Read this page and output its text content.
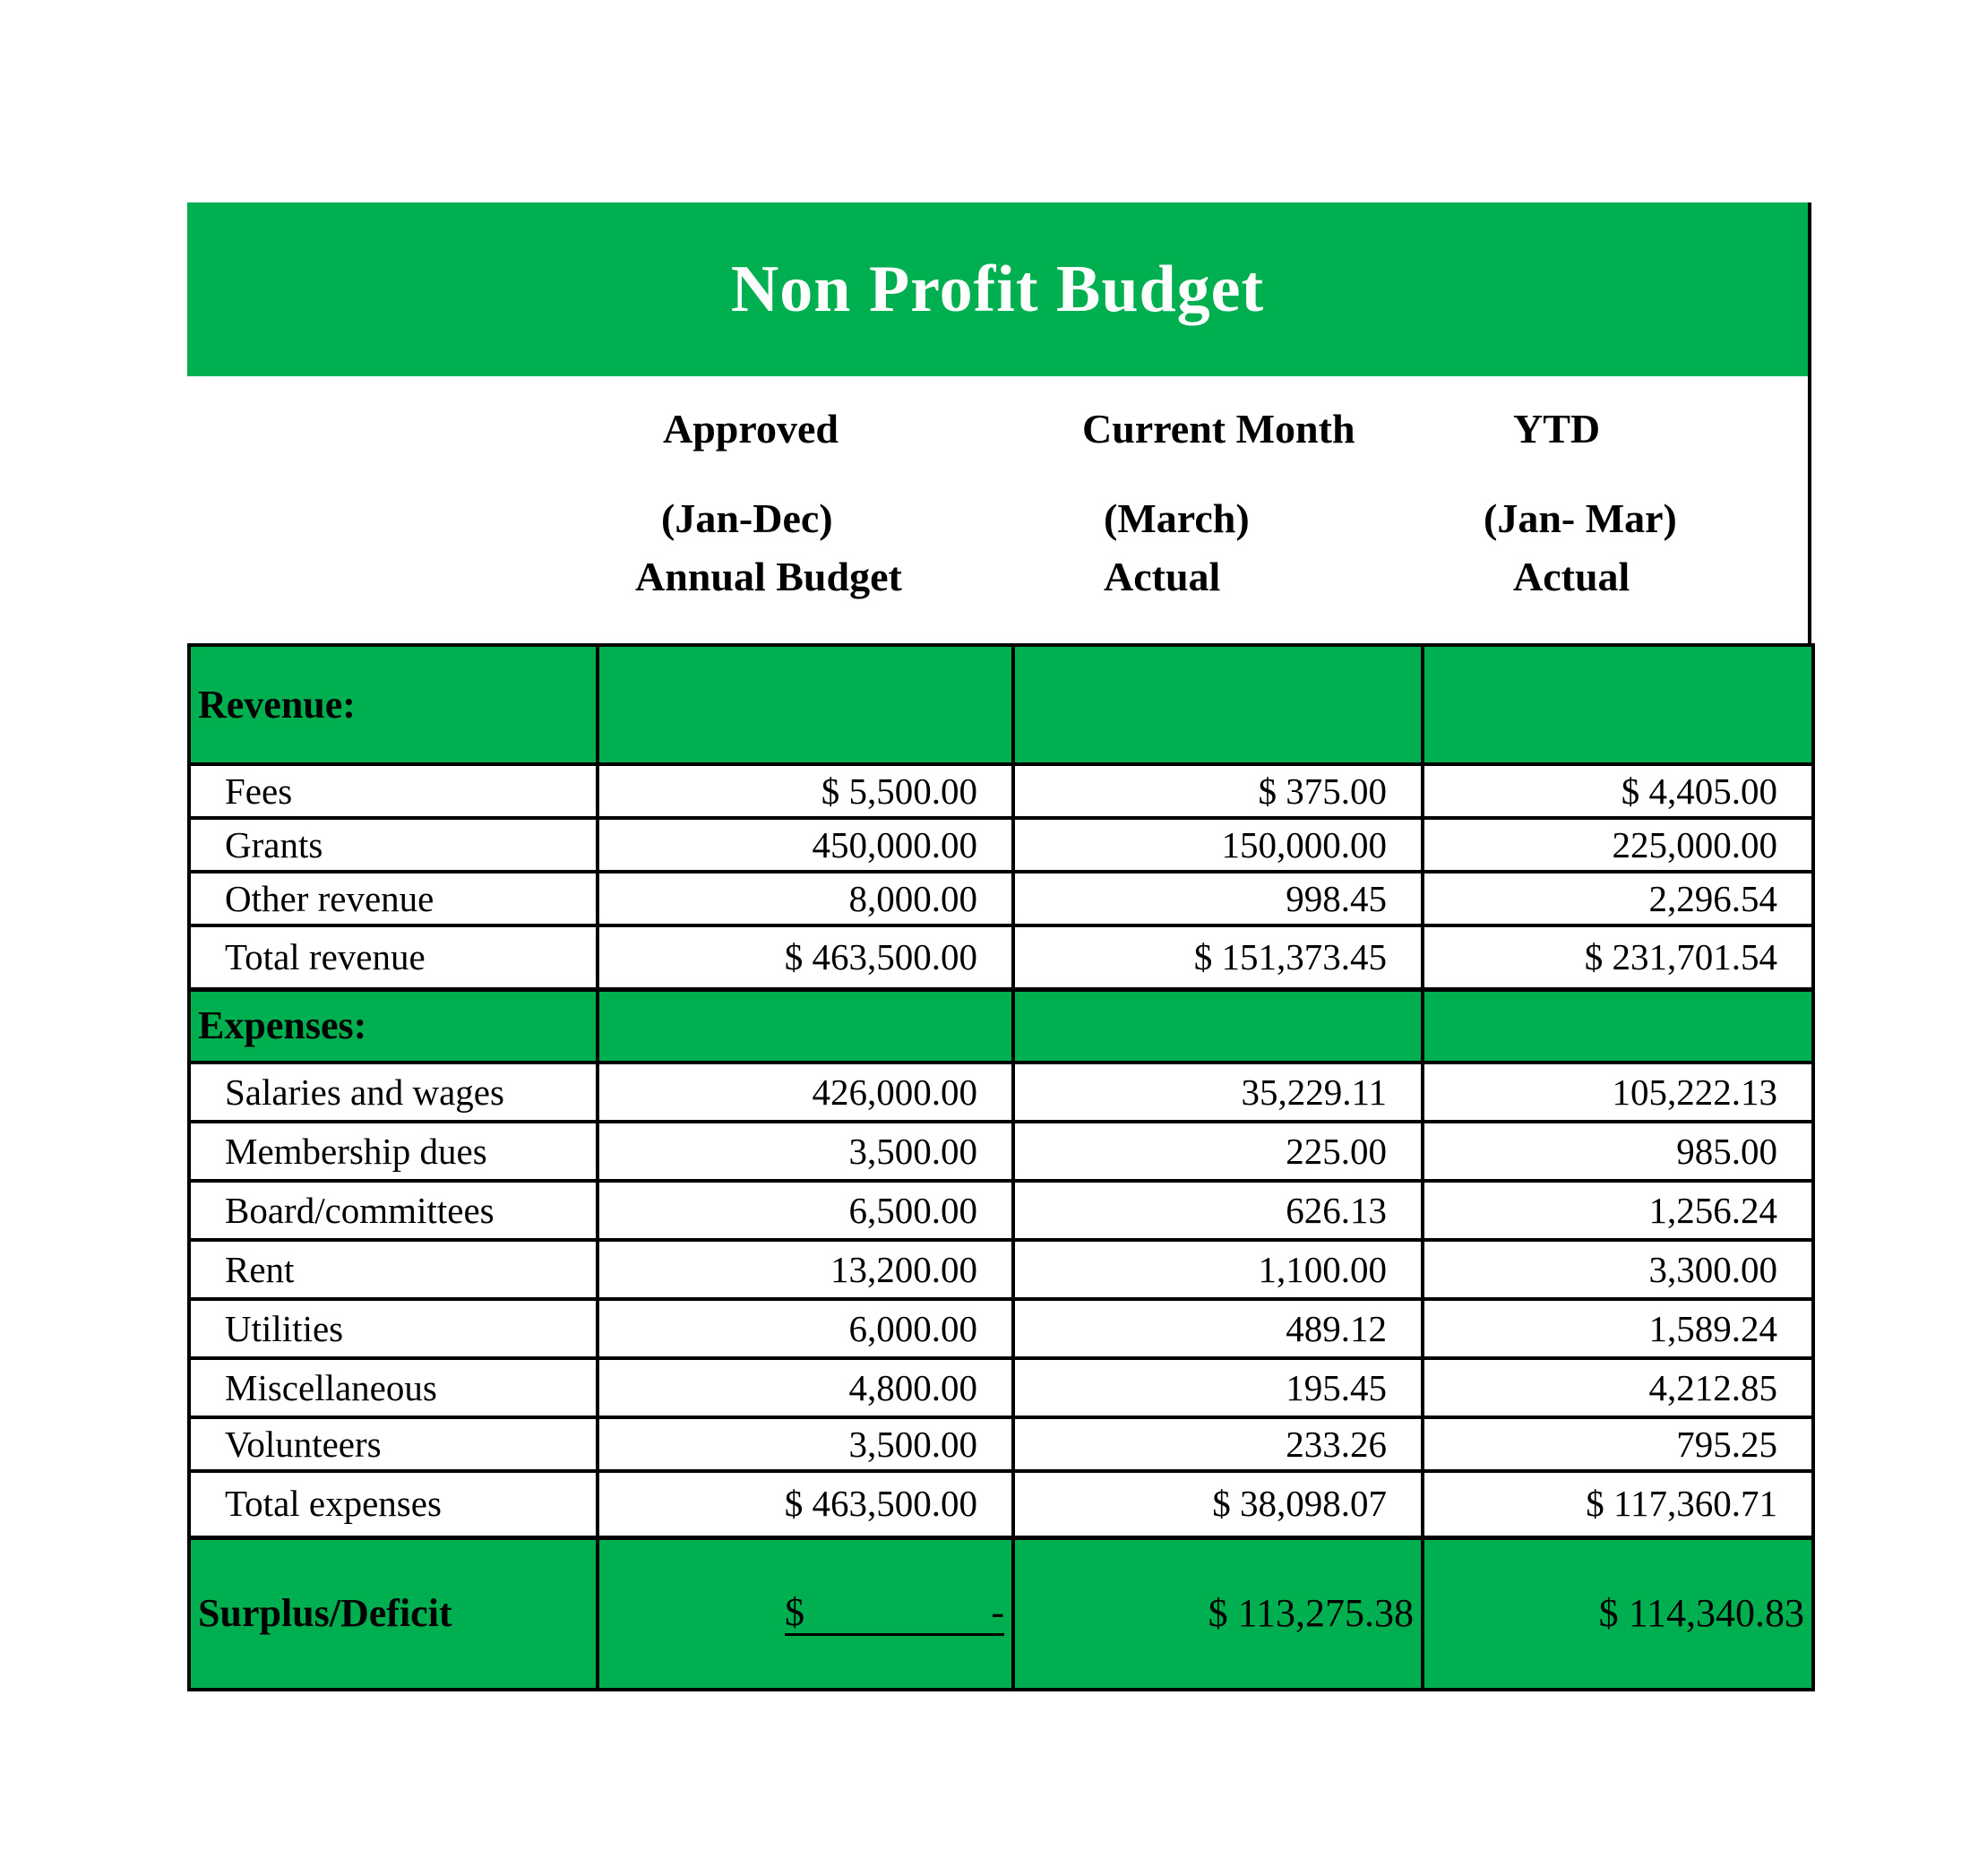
Non Profit Budget
Approved
(Jan-Dec)
Annual Budget
Current Month
(March)
Actual
YTD
(Jan- Mar)
Actual
Revenue:			
Fees	$ 5,500.00	$ 375.00	$ 4,405.00
Grants	450,000.00	150,000.00	225,000.00
Other revenue	8,000.00	998.45	2,296.54
Total revenue	$ 463,500.00	$ 151,373.45	$ 231,701.54
Expenses:			
Salaries and wages	426,000.00	35,229.11	105,222.13
Membership dues	3,500.00	225.00	985.00
Board/committees	6,500.00	626.13	1,256.24
Rent	13,200.00	1,100.00	3,300.00
Utilities	6,000.00	489.12	1,589.24
Miscellaneous	4,800.00	195.45	4,212.85
Volunteers	3,500.00	233.26	795.25
Total expenses	$ 463,500.00	$ 38,098.07	$ 117,360.71
Surplus/Deficit	$ -	$ 113,275.38	$ 114,340.83
